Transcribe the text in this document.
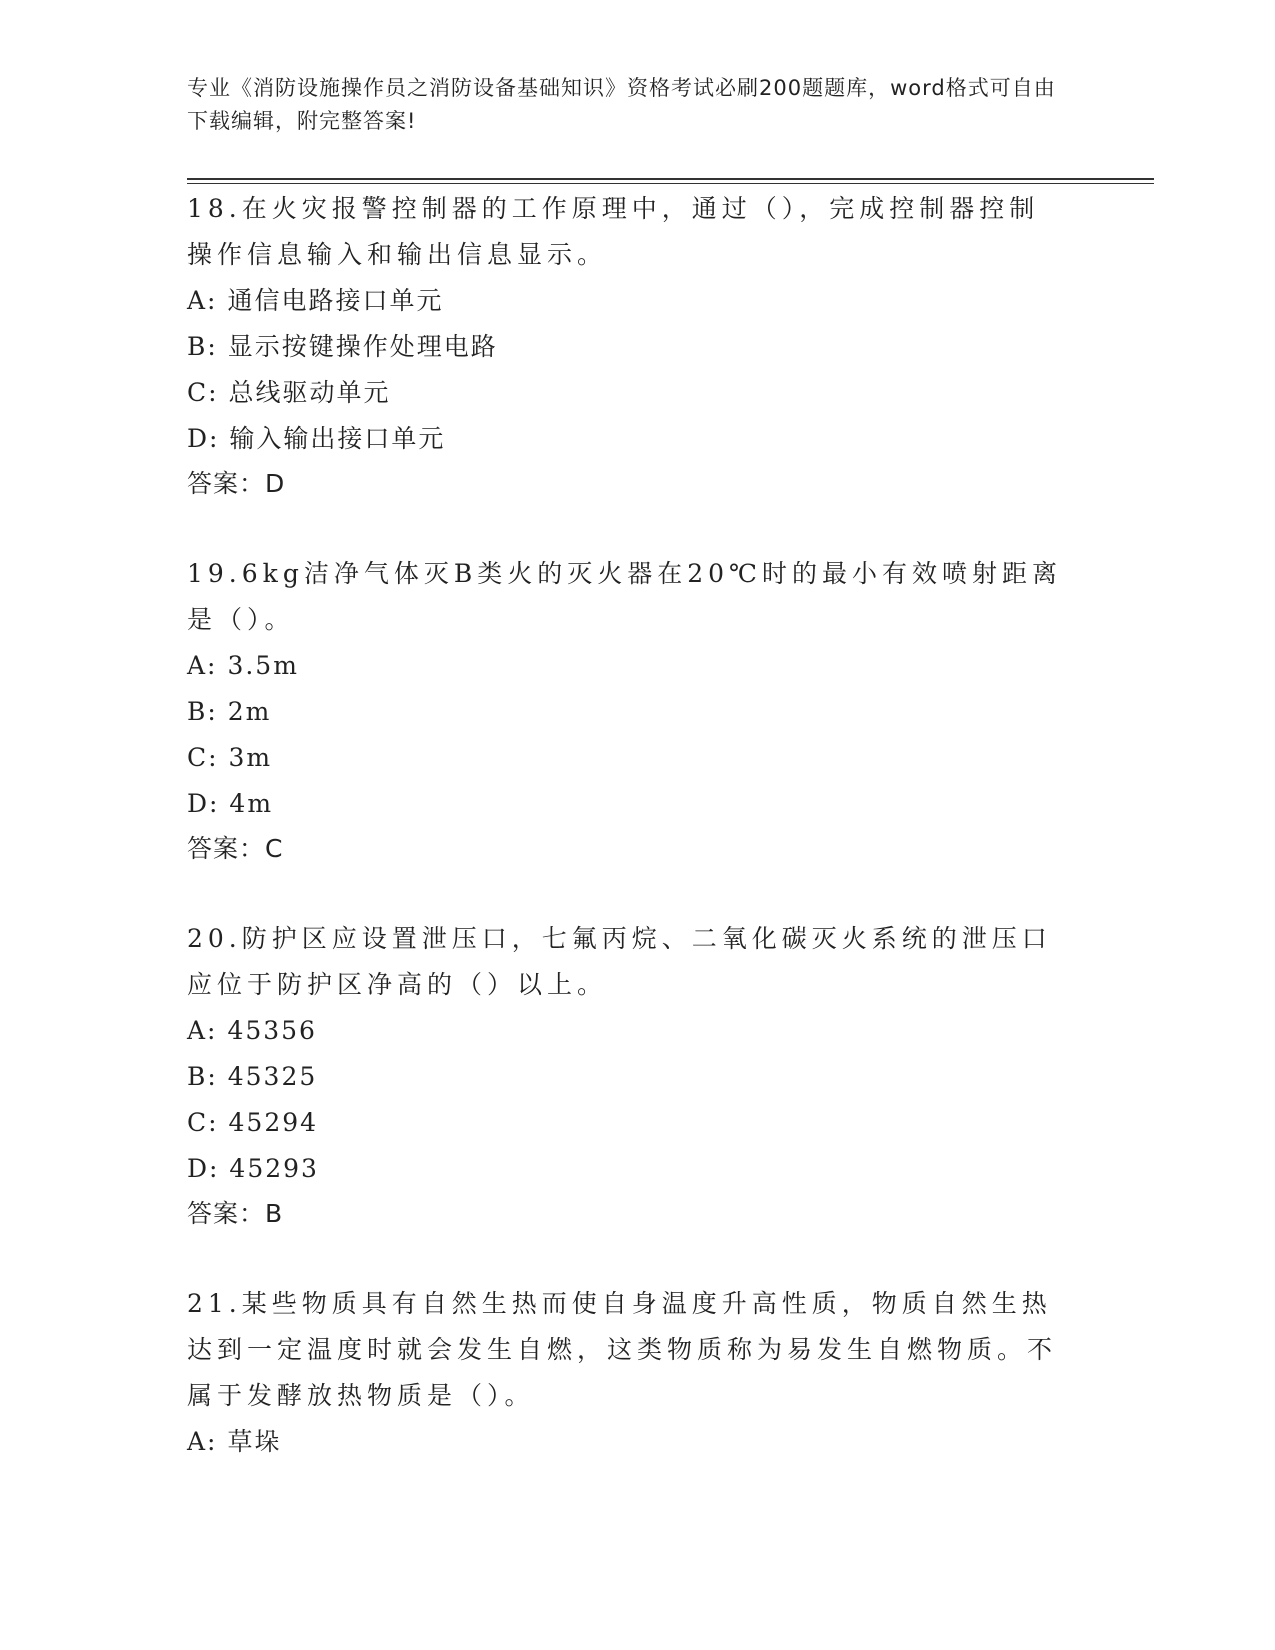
专业《消防设施操作员之消防设备基础知识》资格考试必刷200题题库，word格式可自由下载编辑，附完整答案!
18.在火灾报警控制器的工作原理中，通过（），完成控制器控制操作信息输入和输出信息显示。
A: 通信电路接口单元
B: 显示按键操作处理电路
C: 总线驱动单元
D: 输入输出接口单元
答案：D
19.6kg洁净气体灭B类火的灭火器在20℃时的最小有效喷射距离是（）。
A: 3.5m
B: 2m
C: 3m
D: 4m
答案：C
20.防护区应设置泄压口，七氟丙烷、二氧化碳灭火系统的泄压口应位于防护区净高的（）以上。
A: 45356
B: 45325
C: 45294
D: 45293
答案：B
21.某些物质具有自然生热而使自身温度升高性质，物质自然生热达到一定温度时就会发生自燃，这类物质称为易发生自燃物质。不属于发酵放热物质是（）。
A: 草垛
